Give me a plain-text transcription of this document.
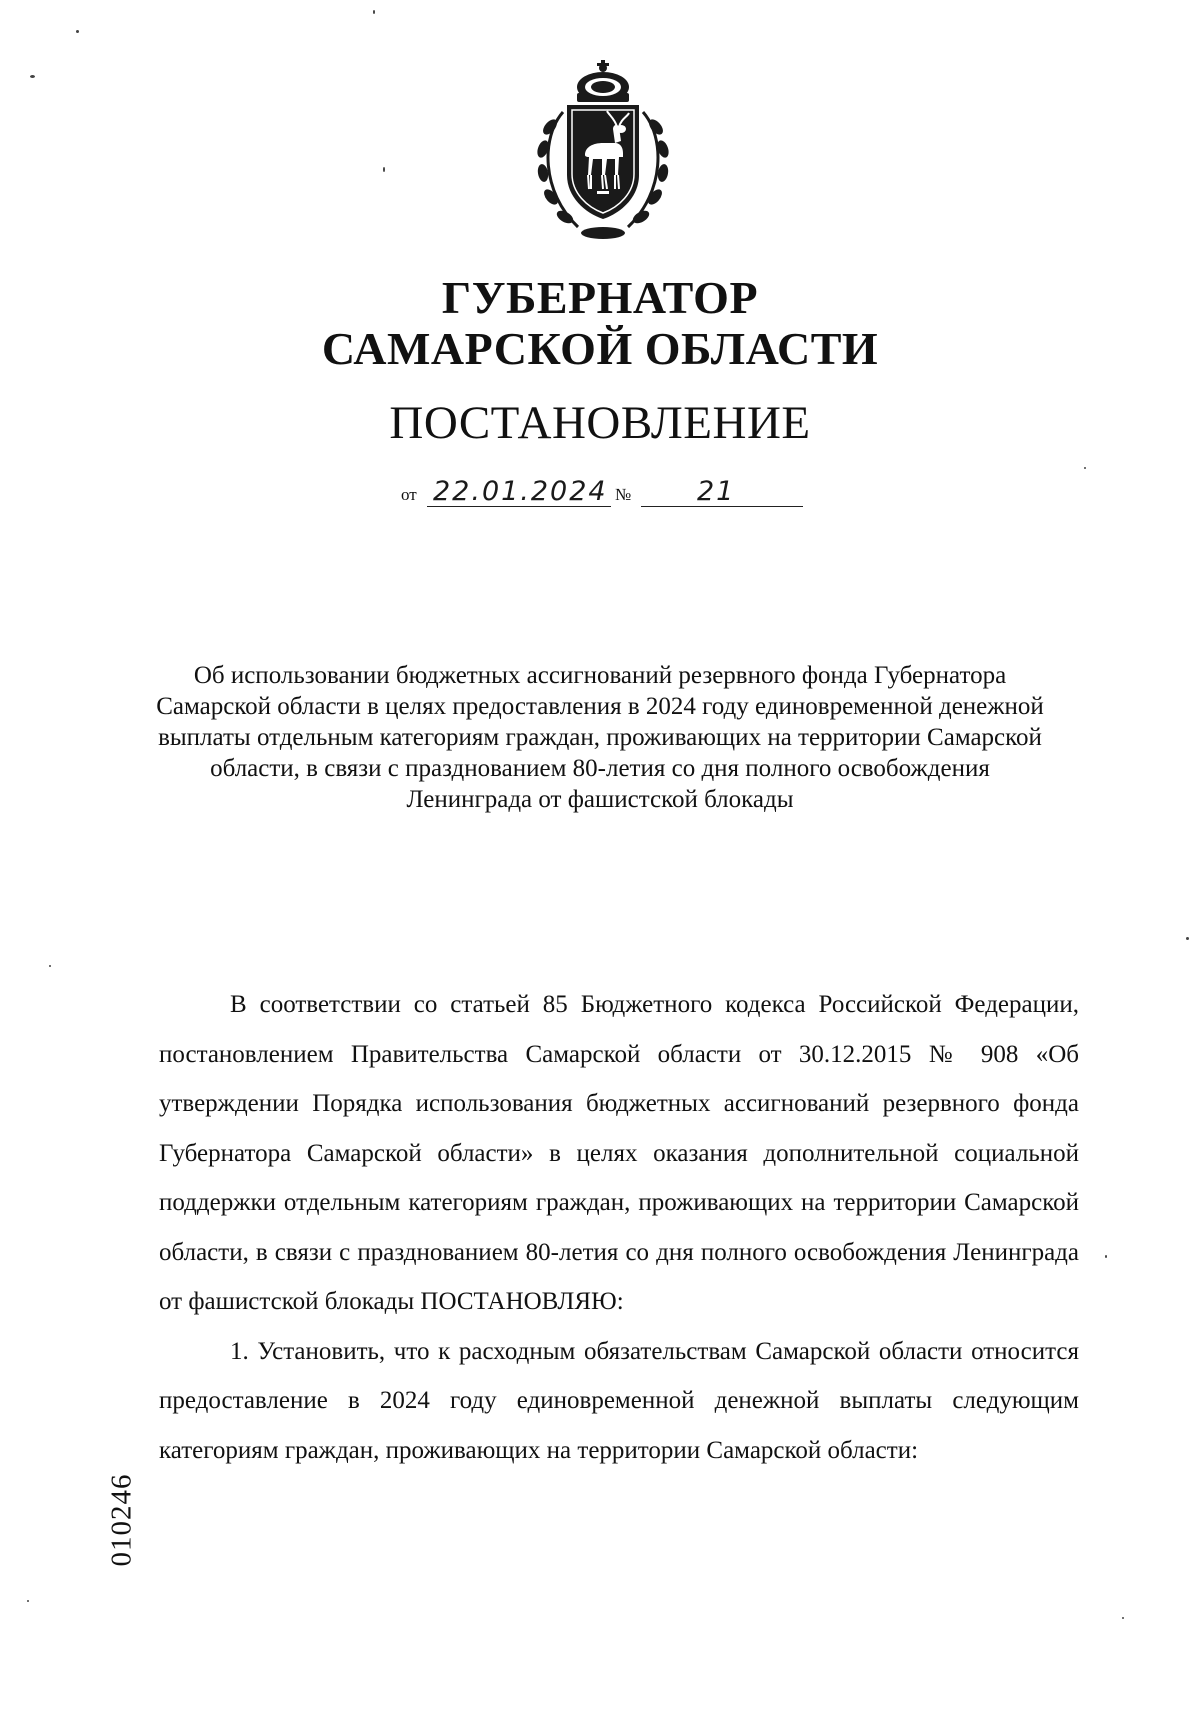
ГУБЕРНАТОР
САМАРСКОЙ ОБЛАСТИ
ПОСТАНОВЛЕНИЕ
от 22.01.2024 № 21
Об использовании бюджетных ассигнований резервного фонда Губернатора Самарской области в целях предоставления в 2024 году единовременной денежной выплаты отдельным категориям граждан, проживающих на территории Самарской области, в связи с празднованием 80-летия со дня полного освобождения Ленинграда от фашистской блокады

В соответствии со статьей 85 Бюджетного кодекса Российской Федерации, постановлением Правительства Самарской области от 30.12.2015 № 908 «Об утверждении Порядка использования бюджетных ассигнований резервного фонда Губернатора Самарской области» в целях оказания дополнительной социальной поддержки отдельным категориям граждан, проживающих на территории Самарской области, в связи с празднованием 80-летия со дня полного освобождения Ленинграда от фашистской блокады ПОСТАНОВЛЯЮ:

1. Установить, что к расходным обязательствам Самарской области относится предоставление в 2024 году единовременной денежной выплаты следующим категориям граждан, проживающих на территории Самарской области:

010246
